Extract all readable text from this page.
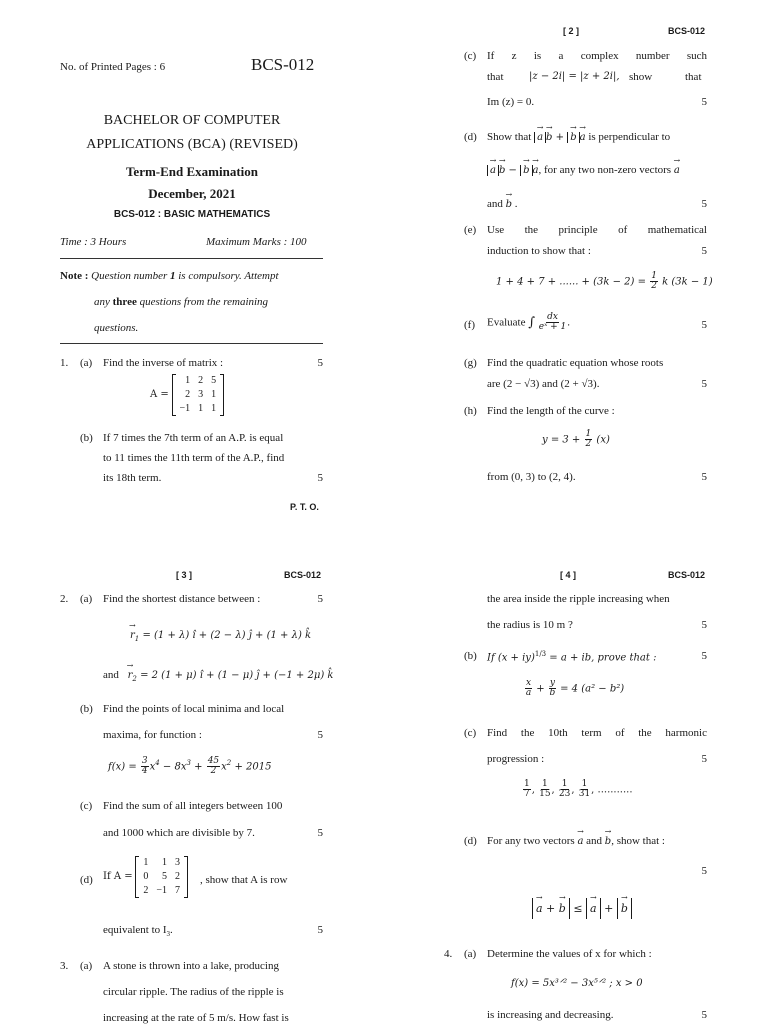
No. of Printed Pages : 6	BCS-012
BACHELOR OF COMPUTER
APPLICATIONS (BCA) (REVISED)
Term-End Examination
December, 2021
BCS-012 : BASIC MATHEMATICS
Time : 3 Hours	Maximum Marks : 100
Note : Question number 1 is compulsory. Attempt
any three questions from the remaining
questions.
1. (a) Find the inverse of matrix :	5
A =
1	2	5
2	3	1
−1	1	1
(b) If 7 times the 7th term of an A.P. is equal
to 11 times the 11th term of the A.P., find
its 18th term.	5
P. T. O.
[ 2 ]	BCS-012
(c) If z is a complex number such
that	|z − 2i| = |z + 2i|, show	that
Im (z) = 0.	5
(d) Show that → a → b + → b → a is perpendicular to
→ a → b − → b → a, for any two non-zero vectors → a
and → b .	5
(e) Use the principle of mathematical
induction to show that :	5
1 + 4 + 7 + ...... + $(3k - 2) = \frac{1}{2}$ k (3k − 1)
(f) Evaluate ∫ $\frac{dx}{\text{eˣ + 1}}$ .	5
(g) Find the quadratic equation whose roots
are (2 − √3) and (2 + √3).	5
(h) Find the length of the curve :
$y = 3 + \frac{1}{2} (x)$
from (0, 3) to (2, 4).	5
[ 3 ]	BCS-012
2. (a) Find the shortest distance between :	5
→ $r_1 = (1 + \lambda)$ î + (2 − λ) ĵ + (1 + λ) k̂
and → $r_2 = 2$ (1 + μ) î + (1 − μ) ĵ + (−1 + 2μ) k̂
(b) Find the points of local minima and local
maxima, for function :	5
$f(x) = \frac{3}{4} x^4 - 8x^3 + \frac{45}{2} x^2 + 2015$
(c) Find the sum of all integers between 100
and 1000 which are divisible by 7.	5
(d) If A =
1	1	3
0	5	2
2	−1	7
, show that A is row
equivalent to $I_3$.	5
3. (a) A stone is thrown into a lake, producing
circular ripple. The radius of the ripple is
increasing at the rate of 5 m/s. How fast is
[ 4 ]	BCS-012
the area inside the ripple increasing when
the radius is 10 m ?	5
(b) If (x + iy)$^{1/3}$ = a + ib, prove that :	5
$\frac{x}{a} + \frac{y}{b} = 4$ (a² − b²)
(c) Find the 10th term of the harmonic
progression :	5
$\frac{1}{7}$ , $\frac{1}{15}$ , $\frac{1}{23}$ , $\frac{1}{31}$ , ...........
(d) For any two vectors → a and → b, show that :
5
→ a + → b ≤ → a + → b
4. (a) Determine the values of x for which :
f(x) = 5x³ᐟ² − 3x⁵ᐟ² ; x > 0
is increasing and decreasing.	5
